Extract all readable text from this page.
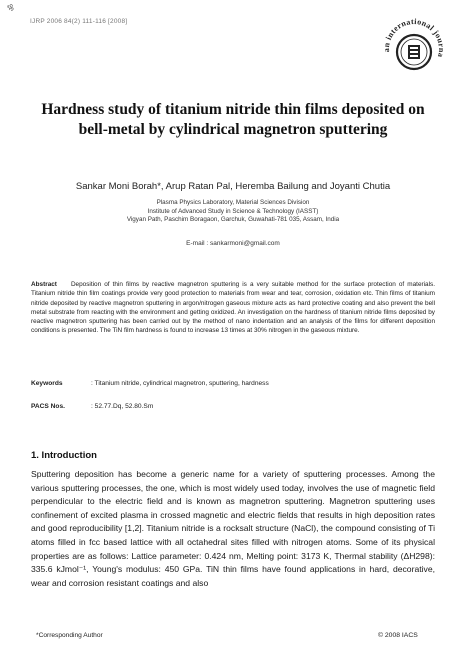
ॐ
IJRP 2006 84(2) 111-116 [2008]
an international journa
Hardness study of titanium nitride thin films deposited on
bell-metal by cylindrical magnetron sputtering
Sankar Moni Borah*, Arup Ratan Pal, Heremba Bailung and Joyanti Chutia
Plasma Physics Laboratory, Material Sciences Division
Institute of Advanced Study in Science & Technology (IASST)
Vigyan Path, Paschim Boragaon, Garchuk, Guwahati-781 035, Assam, India
E-mail : sankarmoni@gmail.com
Abstract Deposition of thin films by reactive magnetron sputtering is a very suitable method for the surface protection of materials. Titanium nitride thin film coatings provide very good protection to materials from wear and tear, corrosion, oxidation etc. Thin films of titanium nitride deposited by reactive magnetron sputtering in argon/nitrogen gaseous mixture acts as hard protective coating and also prevent the bell metal substrate from reacting with the environment and getting oxidized. An investigation on the hardness of titanium nitride films deposited by reactive magnetron sputtering has been carried out by the method of nano indentation and an analysis of the films for different deposition conditions is presented. The TiN film hardness is found to increase 13 times at 30% nitrogen in the gaseous mixture.
Keywords	: Titanium nitride, cylindrical magnetron, sputtering, hardness
PACS Nos.	: 52.77.Dq, 52.80.Sm
1. Introduction
Sputtering deposition has become a generic name for a variety of sputtering processes. Among the various sputtering processes, the one, which is most widely used today, involves the use of magnetic field perpendicular to the electric field and is known as magnetron sputtering. Magnetron sputtering uses confinement of excited plasma in crossed magnetic and electric fields that results in high deposition rates and good reproducibility [1,2]. Titanium nitride is a rocksalt structure (NaCl), the compound consisting of Ti atoms filled in fcc based lattice with all octahedral sites filled with nitrogen atoms. Some of its physical properties are as follows: Lattice parameter: 0.424 nm, Melting point: 3173 K, Thermal stability (ΔH298): 335.6 kJmol⁻¹, Young's modulus: 450 GPa. TiN thin films have found applications in hard, decorative, wear and corrosion resistant coatings and also
*Corresponding Author	© 2008 IACS
